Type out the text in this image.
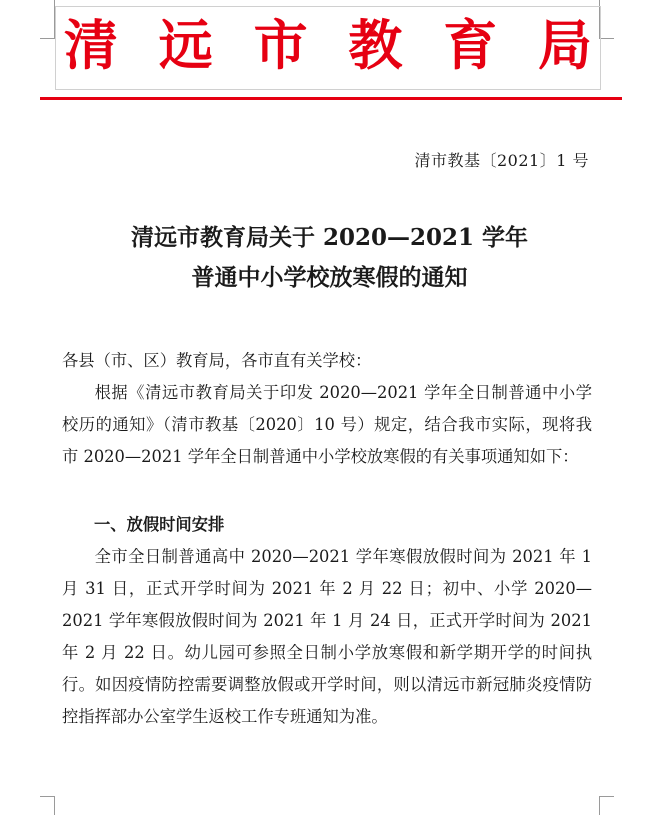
清 远 市 教 育 局
清市教基〔2021〕1 号
清远市教育局关于 2020—2021 学年
普通中小学校放寒假的通知
各县（市、区）教育局，各市直有关学校：
根据《清远市教育局关于印发 2020—2021 学年全日制普通中小学校历的通知》（清市教基〔2020〕10 号）规定，结合我市实际，现将我市 2020—2021 学年全日制普通中小学校放寒假的有关事项通知如下：
一、放假时间安排
全市全日制普通高中 2020—2021 学年寒假放假时间为 2021 年 1 月 31 日，正式开学时间为 2021 年 2 月 22 日；初中、小学 2020—2021 学年寒假放假时间为 2021 年 1 月 24 日，正式开学时间为 2021 年 2 月 22 日。幼儿园可参照全日制小学放寒假和新学期开学的时间执行。如因疫情防控需要调整放假或开学时间，则以清远市新冠肺炎疫情防控指挥部办公室学生返校工作专班通知为准。
